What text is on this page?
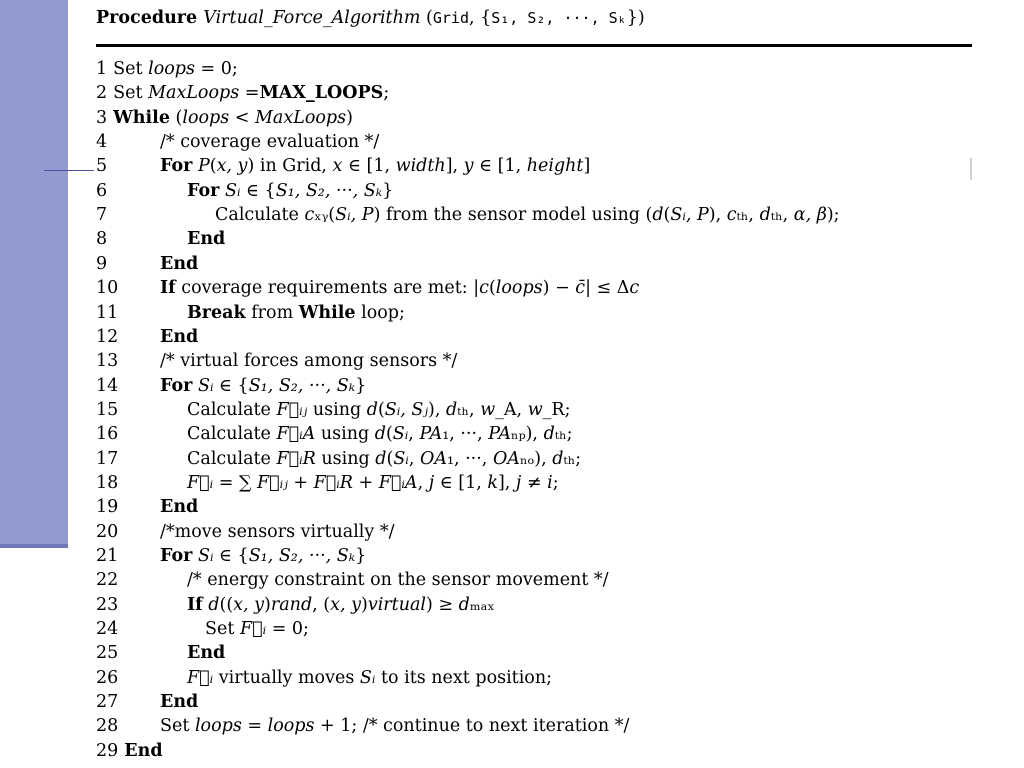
Procedure Virtual_Force_Algorithm (Grid, {S₁, S₂, ···, Sₖ})
1 Set loops = 0;
2 Set MaxLoops =MAX_LOOPS;
3 While (loops < MaxLoops)
4	/* coverage evaluation */
5	For P(x, y) in Grid, x ∈ [1, width], y ∈ [1, height]
6	For Sᵢ ∈ {S₁, S₂, ···, Sₖ}
7	Calculate cₓᵧ(Sᵢ, P) from the sensor model using (d(Sᵢ, P), cₜₕ, dₜₕ, α, β);
8	End
9	End
10 If coverage requirements are met: |c(loops) − c̄| ≤ Δc
11	Break from While loop;
12 End
13 /* virtual forces among sensors */
14 For Sᵢ ∈ {S₁, S₂, ···, Sₖ}
15	Calculate F⃗ᵢⱼ using d(Sᵢ, Sⱼ), dₜₕ, w_A, w_R;
16	Calculate F⃗ᵢA using d(Sᵢ, PA₁, ···, PAₙₚ), dₜₕ;
17	Calculate F⃗ᵢR using d(Sᵢ, OA₁, ···, OAₙₒ), dₜₕ;
18	F⃗ᵢ = ∑ F⃗ᵢⱼ + F⃗ᵢR + F⃗ᵢA, j ∈ [1, k], j ≠ i;
19 End
20 /*move sensors virtually */
21 For Sᵢ ∈ {S₁, S₂, ···, Sₖ}
22	/* energy constraint on the sensor movement */
23	If d((x, y)rand, (x, y)virtual) ≥ dₘₐₓ
24	Set F⃗ᵢ = 0;
25	End
26	F⃗ᵢ virtually moves Sᵢ to its next position;
27 End
28 Set loops = loops + 1; /* continue to next iteration */
29 End
